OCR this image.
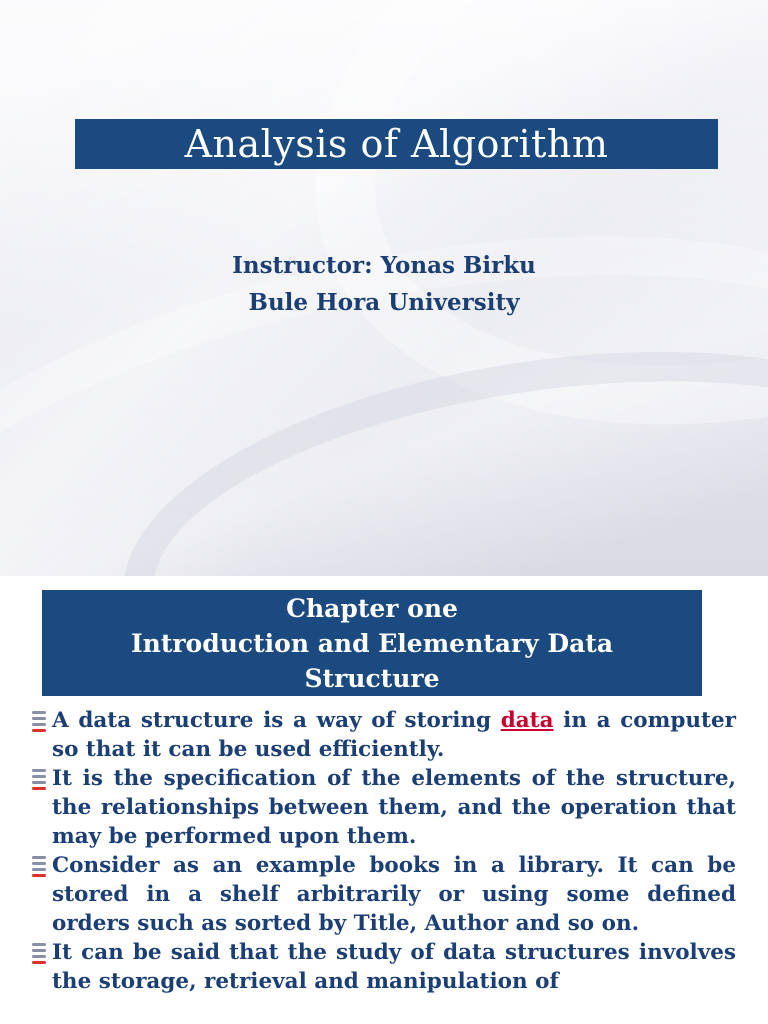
Analysis of Algorithm
Instructor: Yonas Birku
Bule Hora University
Chapter one
Introduction and Elementary Data
Structure
A data structure is a way of storing data in a computer so that it can be used efficiently.
It is the specification of the elements of the structure, the relationships between them, and the operation that may be performed upon them.
Consider as an example books in a library. It can be stored in a shelf arbitrarily or using some defined orders such as sorted by Title, Author and so on.
It can be said that the study of data structures involves the storage, retrieval and manipulation of
